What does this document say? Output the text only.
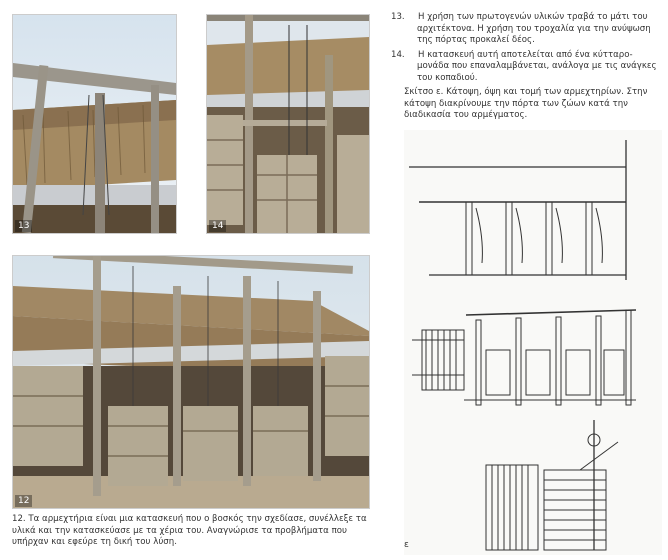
13	14
12

12. Τα αρμεχτήρια είναι μια κατασκευή που ο βοσκός την σχεδίασε, συνέλλεξε τα υλικά και την κατασκεύασε με τα χέρια του. Αναγνώρισε τα προβλήματα που υπήρχαν και εφεύρε τη δική του λύση.

13. Η χρήση των πρωτογενών υλικών τραβά το μάτι του αρχιτέκτονα. Η χρήση του τροχαλία για την ανύψωση της πόρτας προκαλεί δέος.

14. Η κατασκευή αυτή αποτελείται από ένα κύτταρο- μονάδα που επαναλαμβάνεται, ανάλογα με τις ανάγκες του κοπαδιού.

Σκίτσο ε. Κάτοψη, όψη και τομή των αρμεχτηρίων. Στην κάτοψη διακρίνουμε την πόρτα των ζώων κατά την διαδικασία του αρμέγματος.

ε
